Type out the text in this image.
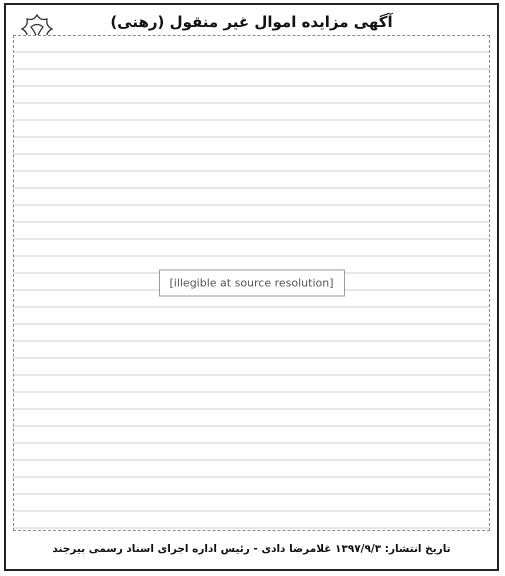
آگهی مزایده اموال غیر منقول (رهنی)
[illegible at source resolution]
تاریخ انتشار: ۱۳۹۷/۹/۳ غلامرضا دادی - رئیس اداره اجرای اسناد رسمی بیرجند
